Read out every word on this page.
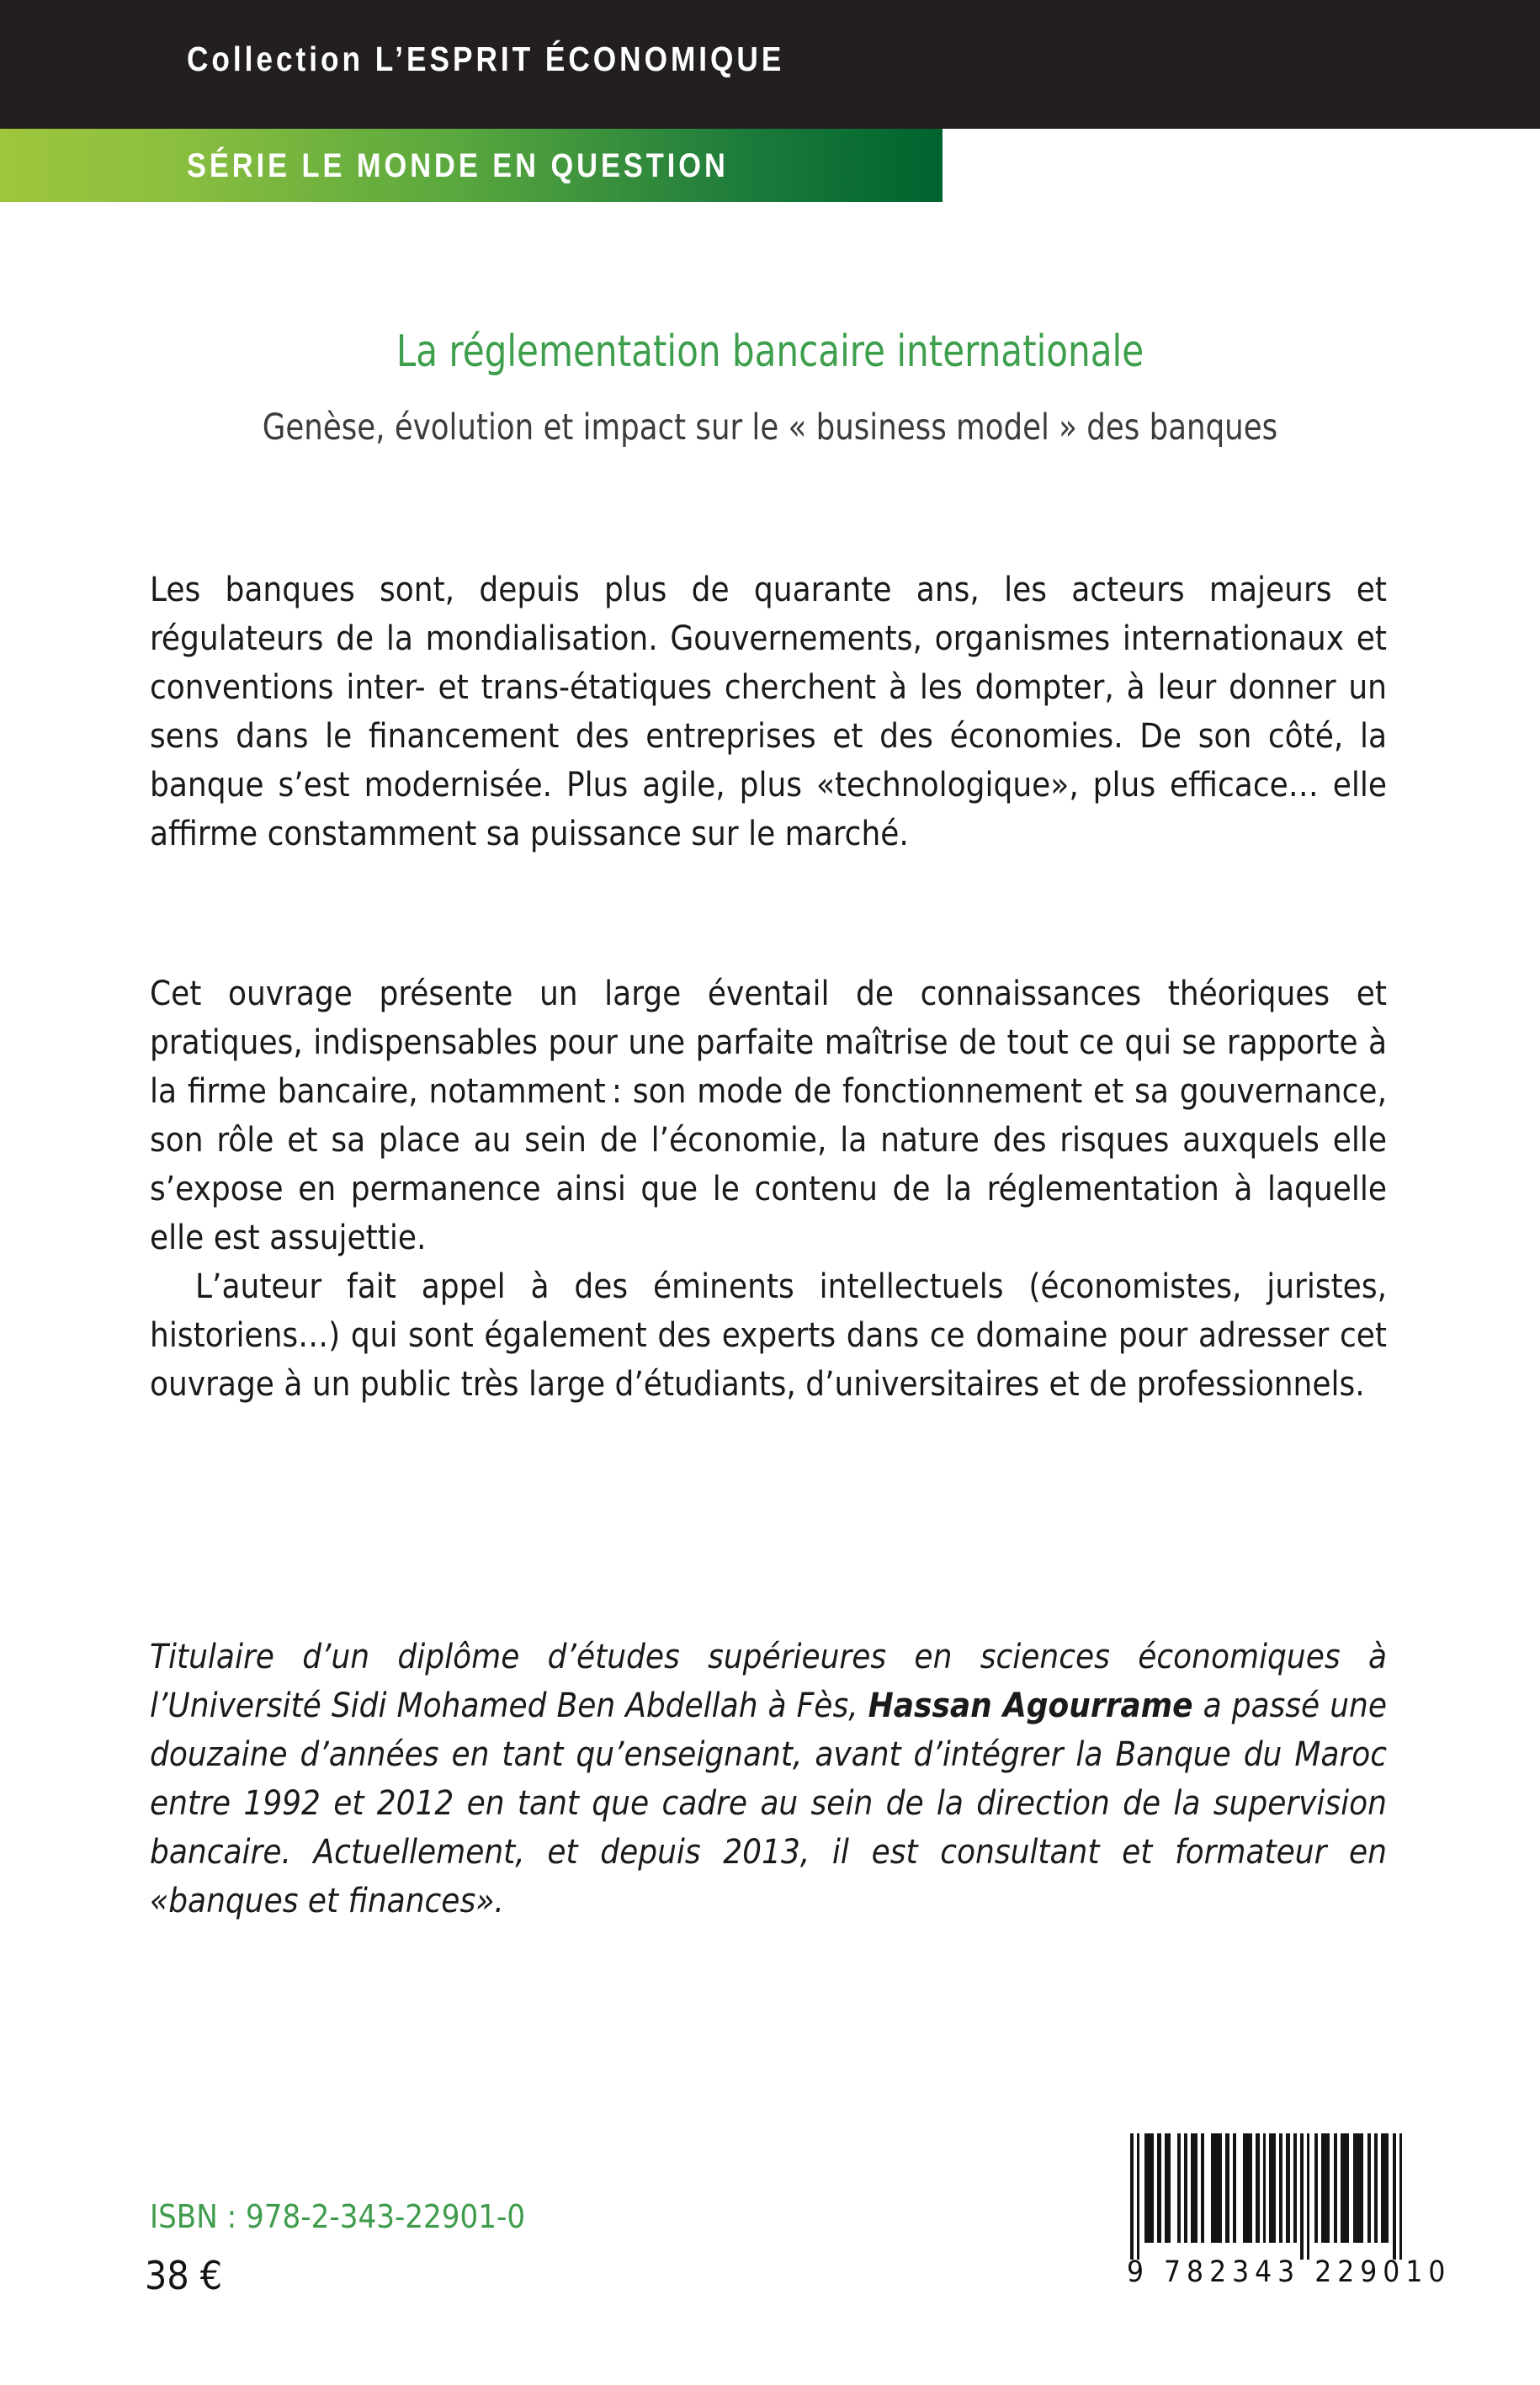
Collection L’ESPRIT ÉCONOMIQUE
SÉRIE LE MONDE EN QUESTION
La réglementation bancaire internationale
Genèse, évolution et impact sur le « business model » des banques

Les banques sont, depuis plus de quarante ans, les acteurs majeurs et régulateurs de la mondialisation. Gouvernements, organismes internationaux et conventions inter- et trans-étatiques cherchent à les dompter, à leur donner un sens dans le financement des entreprises et des économies. De son côté, la banque s’est modernisée. Plus agile, plus «technologique», plus efficace… elle affirme constamment sa puissance sur le marché.

Cet ouvrage présente un large éventail de connaissances théoriques et pratiques, indispensables pour une parfaite maîtrise de tout ce qui se rapporte à la firme bancaire, notamment : son mode de fonctionnement et sa gouvernance, son rôle et sa place au sein de l’économie, la nature des risques auxquels elle s’expose en permanence ainsi que le contenu de la réglementation à laquelle elle est assujettie.

L’auteur fait appel à des éminents intellectuels (économistes, juristes, historiens…) qui sont également des experts dans ce domaine pour adresser cet ouvrage à un public très large d’étudiants, d’universitaires et de professionnels.

Titulaire d’un diplôme d’études supérieures en sciences économiques à l’Université Sidi Mohamed Ben Abdellah à Fès, Hassan Agourrame a passé une douzaine d’années en tant qu’enseignant, avant d’intégrer la Banque du Maroc entre 1992 et 2012 en tant que cadre au sein de la direction de la supervision bancaire. Actuellement, et depuis 2013, il est consultant et formateur en «banques et finances».
ISBN : 978-2-343-22901-0
38 €	9 782343 229010
